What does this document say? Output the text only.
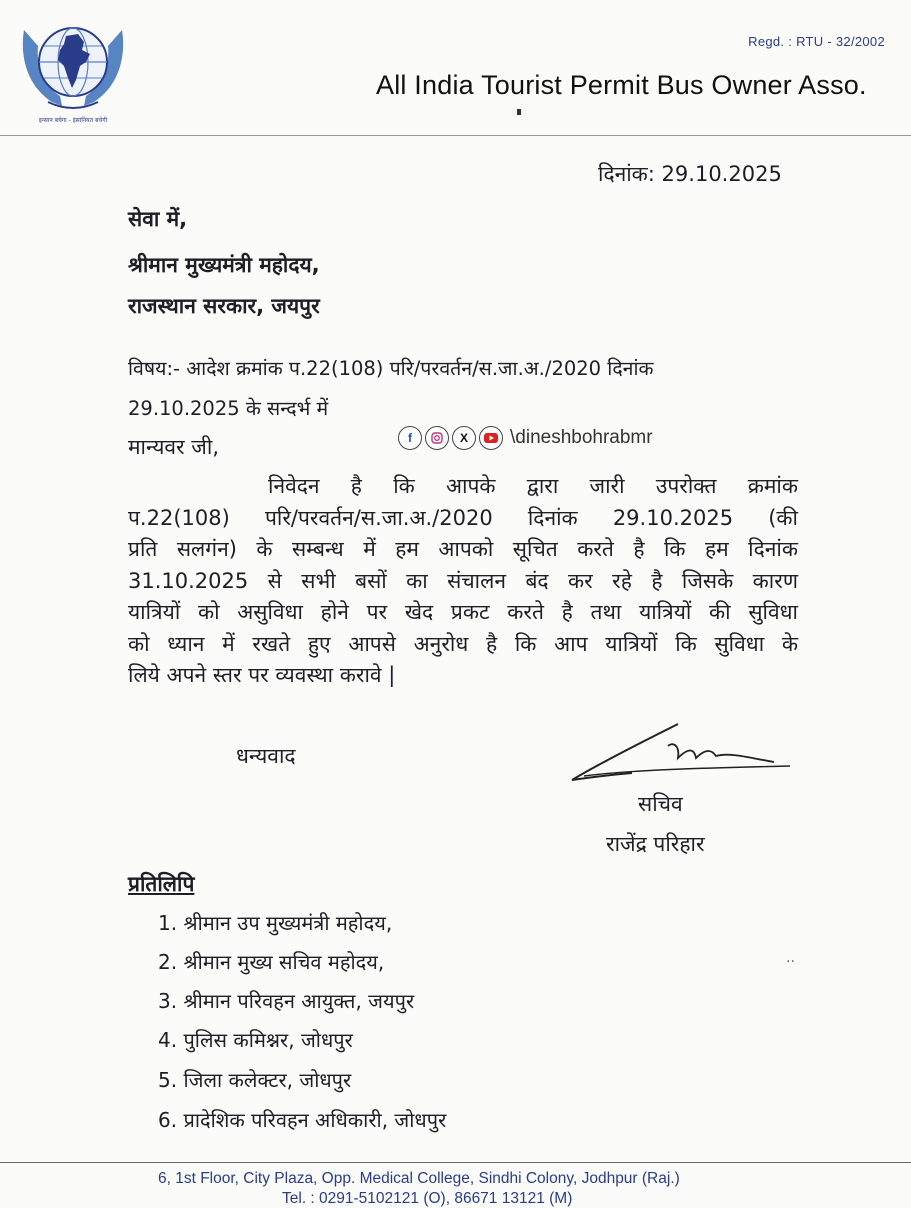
इन्सान बचेगा - इंसानियत बचेगी
Regd. : RTU - 32/2002
All India Tourist Permit Bus Owner Asso.
दिनांक: 29.10.2025
सेवा में,
श्रीमान मुख्यमंत्री महोदय,
राजस्थान सरकार, जयपुर
विषय:- आदेश क्रमांक प.22(108) परि/परवर्तन/स.जा.अ./2020 दिनांक
29.10.2025 के सन्दर्भ में
मान्यवर जी,	f	X	\dineshbohrabmr
निवेदन है कि आपके द्वारा जारी उपरोक्त क्रमांक
प.22(108) परि/परवर्तन/स.जा.अ./2020 दिनांक 29.10.2025 (की
प्रति सलगंन) के सम्बन्ध में हम आपको सूचित करते है कि हम दिनांक
31.10.2025 से सभी बसों का संचालन बंद कर रहे है जिसके कारण
यात्रियों को असुविधा होने पर खेद प्रकट करते है तथा यात्रियों की सुविधा
को ध्यान में रखते हुए आपसे अनुरोध है कि आप यात्रियों कि सुविधा के
लिये अपने स्तर पर व्यवस्था करावे |
धन्यवाद
सचिव
राजेंद्र परिहार
प्रतिलिपि
1. श्रीमान उप मुख्यमंत्री महोदय,
2. श्रीमान मुख्य सचिव महोदय,
3. श्रीमान परिवहन आयुक्त, जयपुर
4. पुलिस कमिश्नर, जोधपुर
5. जिला कलेक्टर, जोधपुर
6. प्रादेशिक परिवहन अधिकारी, जोधपुर
..
6, 1st Floor, City Plaza, Opp. Medical College, Sindhi Colony, Jodhpur (Raj.)
Tel. : 0291-5102121 (O), 86671 13121 (M)
